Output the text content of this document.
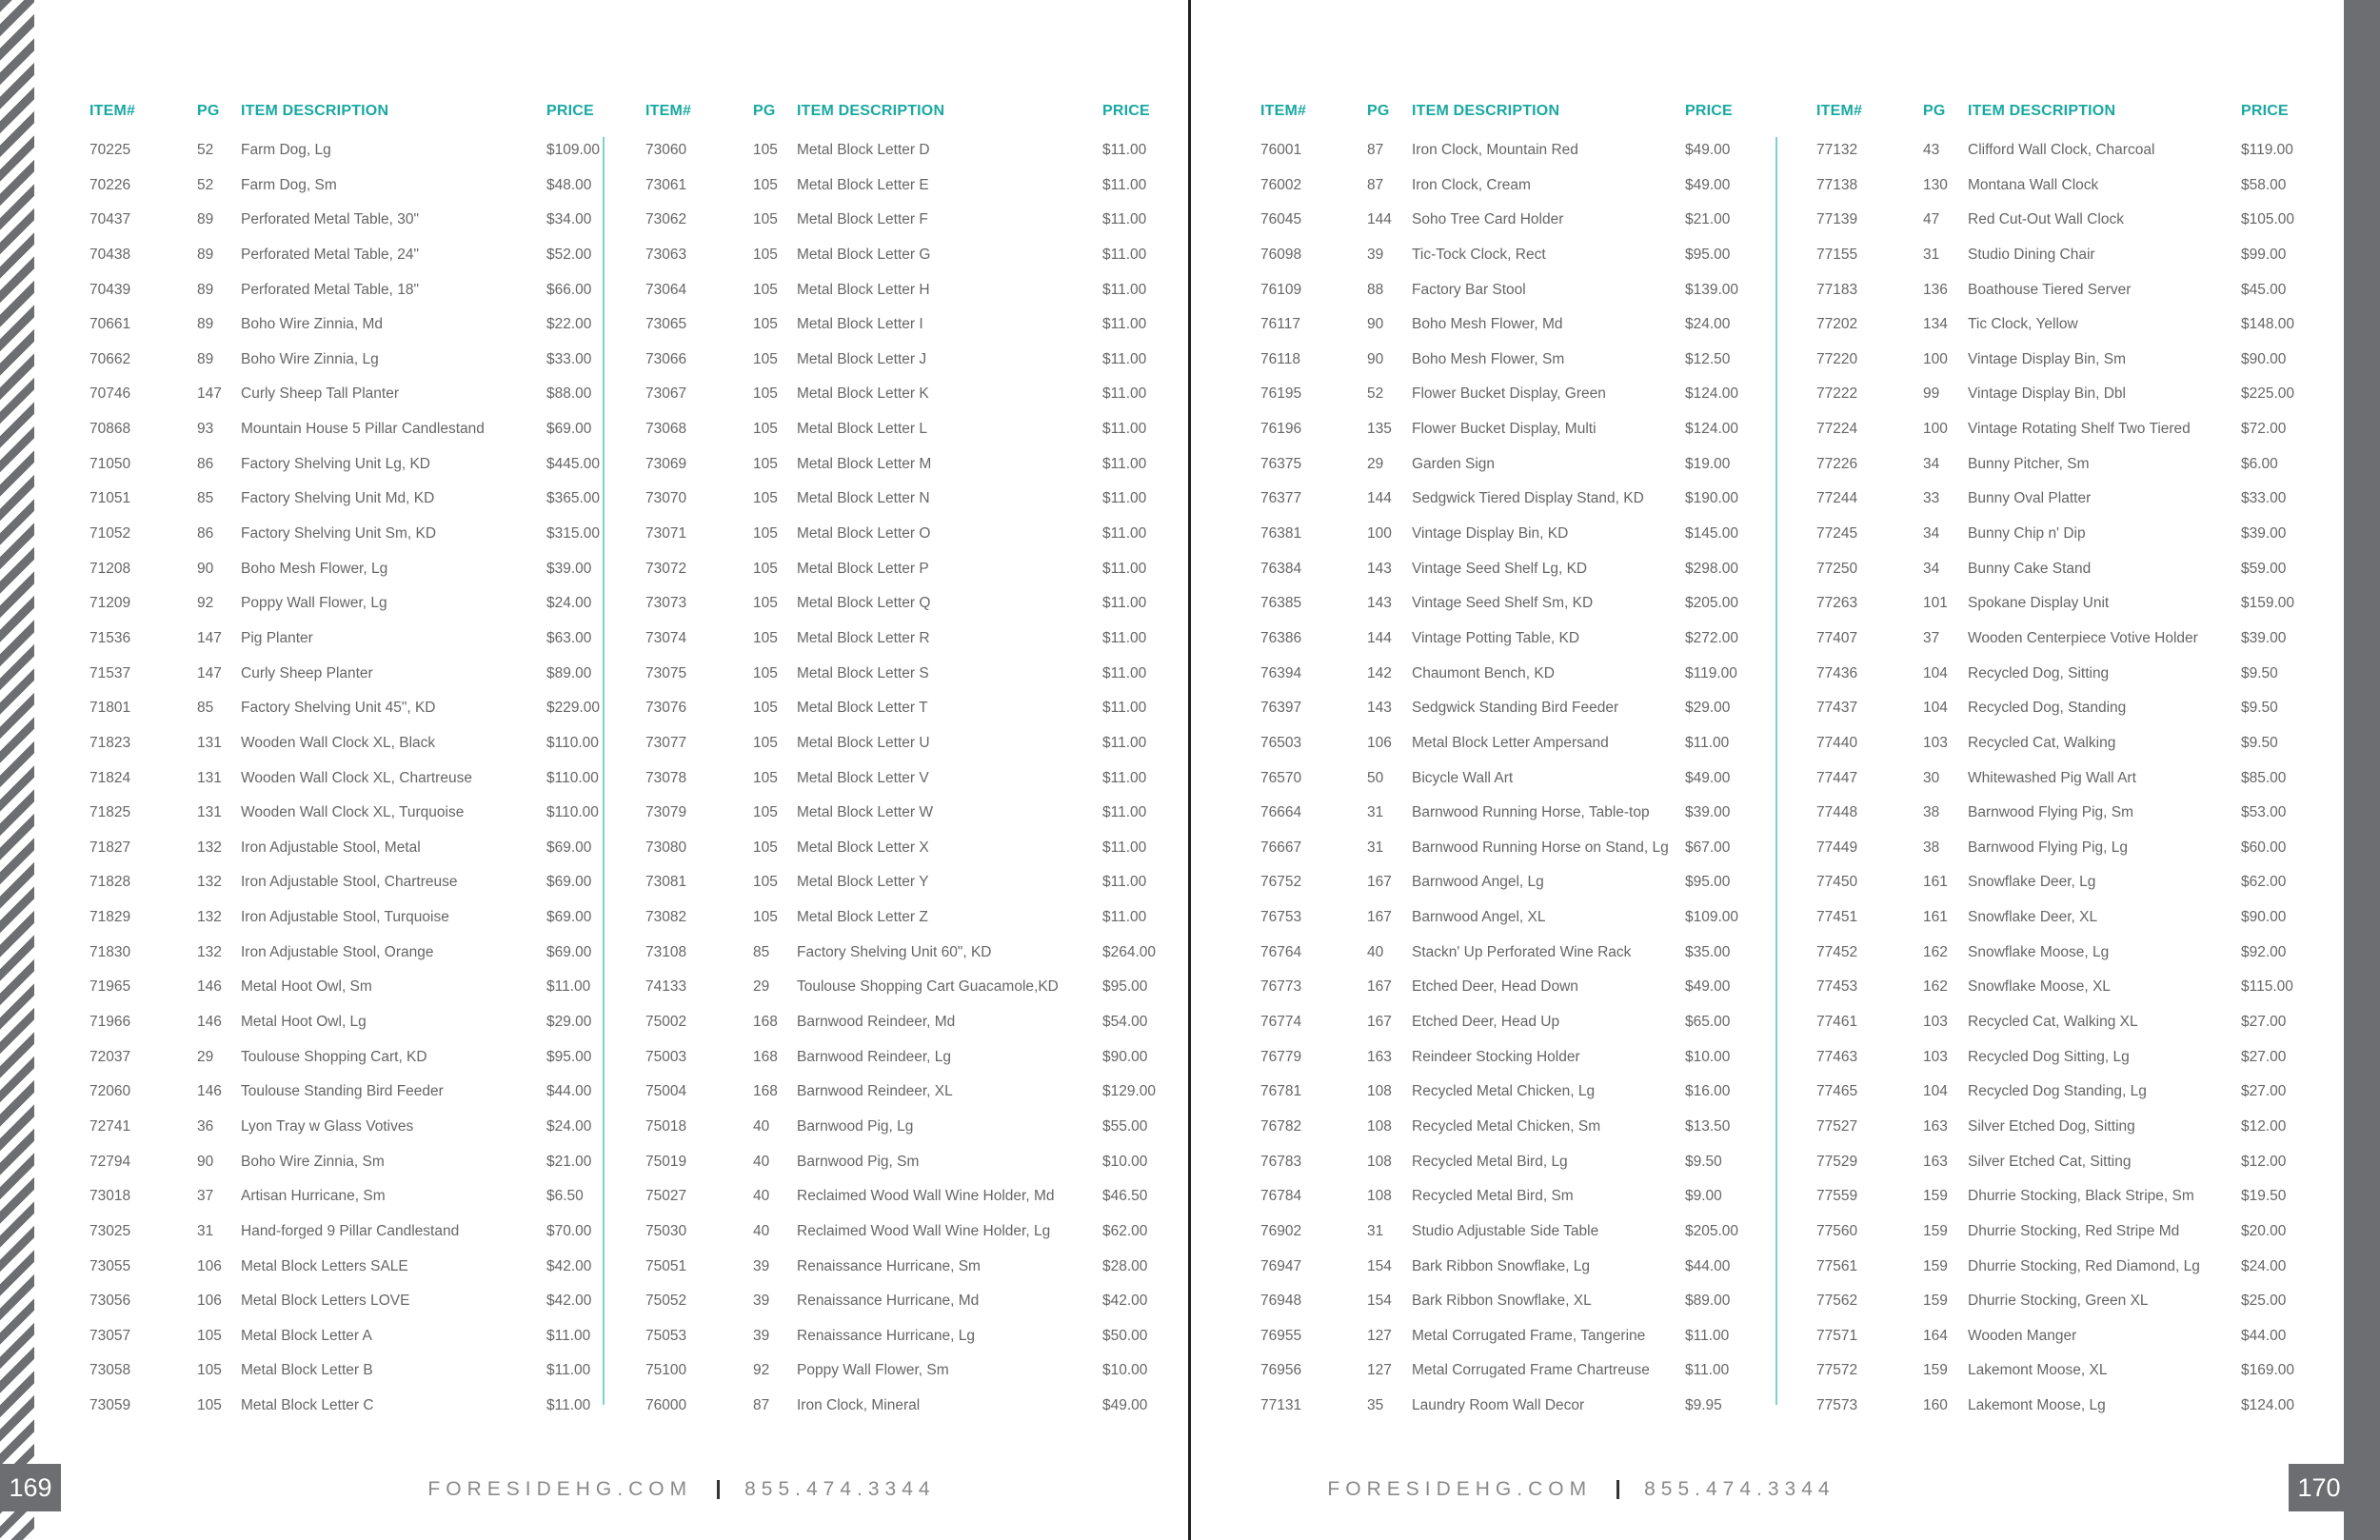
ITEM#	PG ITEM DESCRIPTION	PRICE
70225	52 Farm Dog, Lg	$109.00
70226	52 Farm Dog, Sm	$48.00
70437	89 Perforated Metal Table, 30"	$34.00
70438	89 Perforated Metal Table, 24"	$52.00
70439	89 Perforated Metal Table, 18"	$66.00
70661	89 Boho Wire Zinnia, Md	$22.00
70662	89 Boho Wire Zinnia, Lg	$33.00
70746	147 Curly Sheep Tall Planter	$88.00
70868	93 Mountain House 5 Pillar Candlestand	$69.00
71050	86 Factory Shelving Unit Lg, KD	$445.00
71051	85 Factory Shelving Unit Md, KD	$365.00
71052	86 Factory Shelving Unit Sm, KD	$315.00
71208	90 Boho Mesh Flower, Lg	$39.00
71209	92 Poppy Wall Flower, Lg	$24.00
71536	147 Pig Planter	$63.00
71537	147 Curly Sheep Planter	$89.00
71801	85 Factory Shelving Unit 45", KD	$229.00
71823	131 Wooden Wall Clock XL, Black	$110.00
71824	131 Wooden Wall Clock XL, Chartreuse	$110.00
71825	131 Wooden Wall Clock XL, Turquoise	$110.00
71827	132 Iron Adjustable Stool, Metal	$69.00
71828	132 Iron Adjustable Stool, Chartreuse	$69.00
71829	132 Iron Adjustable Stool, Turquoise	$69.00
71830	132 Iron Adjustable Stool, Orange	$69.00
71965	146 Metal Hoot Owl, Sm	$11.00
71966	146 Metal Hoot Owl, Lg	$29.00
72037	29 Toulouse Shopping Cart, KD	$95.00
72060	146 Toulouse Standing Bird Feeder	$44.00
72741	36 Lyon Tray w Glass Votives	$24.00
72794	90 Boho Wire Zinnia, Sm	$21.00
73018	37 Artisan Hurricane, Sm	$6.50
73025	31 Hand-forged 9 Pillar Candlestand	$70.00
73055	106 Metal Block Letters SALE	$42.00
73056	106 Metal Block Letters LOVE	$42.00
73057	105 Metal Block Letter A	$11.00
73058	105 Metal Block Letter B	$11.00
73059	105 Metal Block Letter C	$11.00
ITEM#	PG ITEM DESCRIPTION	PRICE
73060	105 Metal Block Letter D	$11.00
73061	105 Metal Block Letter E	$11.00
73062	105 Metal Block Letter F	$11.00
73063	105 Metal Block Letter G	$11.00
73064	105 Metal Block Letter H	$11.00
73065	105 Metal Block Letter I	$11.00
73066	105 Metal Block Letter J	$11.00
73067	105 Metal Block Letter K	$11.00
73068	105 Metal Block Letter L	$11.00
73069	105 Metal Block Letter M	$11.00
73070	105 Metal Block Letter N	$11.00
73071	105 Metal Block Letter O	$11.00
73072	105 Metal Block Letter P	$11.00
73073	105 Metal Block Letter Q	$11.00
73074	105 Metal Block Letter R	$11.00
73075	105 Metal Block Letter S	$11.00
73076	105 Metal Block Letter T	$11.00
73077	105 Metal Block Letter U	$11.00
73078	105 Metal Block Letter V	$11.00
73079	105 Metal Block Letter W	$11.00
73080	105 Metal Block Letter X	$11.00
73081	105 Metal Block Letter Y	$11.00
73082	105 Metal Block Letter Z	$11.00
73108	85 Factory Shelving Unit 60", KD	$264.00
74133	29 Toulouse Shopping Cart Guacamole,KD	$95.00
75002	168 Barnwood Reindeer, Md	$54.00
75003	168 Barnwood Reindeer, Lg	$90.00
75004	168 Barnwood Reindeer, XL	$129.00
75018	40 Barnwood Pig, Lg	$55.00
75019	40 Barnwood Pig, Sm	$10.00
75027	40 Reclaimed Wood Wall Wine Holder, Md	$46.50
75030	40 Reclaimed Wood Wall Wine Holder, Lg	$62.00
75051	39 Renaissance Hurricane, Sm	$28.00
75052	39 Renaissance Hurricane, Md	$42.00
75053	39 Renaissance Hurricane, Lg	$50.00
75100	92 Poppy Wall Flower, Sm	$10.00
76000	87 Iron Clock, Mineral	$49.00
169	FORESIDEHG.COM	855.474.3344
ITEM#	PG ITEM DESCRIPTION	PRICE
76001	87 Iron Clock, Mountain Red	$49.00
76002	87 Iron Clock, Cream	$49.00
76045	144 Soho Tree Card Holder	$21.00
76098	39 Tic-Tock Clock, Rect	$95.00
76109	88 Factory Bar Stool	$139.00
76117	90 Boho Mesh Flower, Md	$24.00
76118	90 Boho Mesh Flower, Sm	$12.50
76195	52 Flower Bucket Display, Green	$124.00
76196	135 Flower Bucket Display, Multi	$124.00
76375	29 Garden Sign	$19.00
76377	144 Sedgwick Tiered Display Stand, KD	$190.00
76381	100 Vintage Display Bin, KD	$145.00
76384	143 Vintage Seed Shelf Lg, KD	$298.00
76385	143 Vintage Seed Shelf Sm, KD	$205.00
76386	144 Vintage Potting Table, KD	$272.00
76394	142 Chaumont Bench, KD	$119.00
76397	143 Sedgwick Standing Bird Feeder	$29.00
76503	106 Metal Block Letter Ampersand	$11.00
76570	50 Bicycle Wall Art	$49.00
76664	31 Barnwood Running Horse, Table-top $39.00
76667	31 Barnwood Running Horse on Stand, Lg $67.00
76752	167 Barnwood Angel, Lg	$95.00
76753	167 Barnwood Angel, XL	$109.00
76764	40 Stackn' Up Perforated Wine Rack	$35.00
76773	167 Etched Deer, Head Down	$49.00
76774	167 Etched Deer, Head Up	$65.00
76779	163 Reindeer Stocking Holder	$10.00
76781	108 Recycled Metal Chicken, Lg	$16.00
76782	108 Recycled Metal Chicken, Sm	$13.50
76783	108 Recycled Metal Bird, Lg	$9.50
76784	108 Recycled Metal Bird, Sm	$9.00
76902	31 Studio Adjustable Side Table	$205.00
76947	154 Bark Ribbon Snowflake, Lg	$44.00
76948	154 Bark Ribbon Snowflake, XL	$89.00
76955	127 Metal Corrugated Frame, Tangerine	$11.00
76956	127 Metal Corrugated Frame Chartreuse $11.00
77131	35 Laundry Room Wall Decor	$9.95
ITEM#	PG ITEM DESCRIPTION	PRICE
77132	43 Clifford Wall Clock, Charcoal	$119.00
77138	130 Montana Wall Clock	$58.00
77139	47 Red Cut-Out Wall Clock	$105.00
77155	31 Studio Dining Chair	$99.00
77183	136 Boathouse Tiered Server	$45.00
77202	134 Tic Clock, Yellow	$148.00
77220	100 Vintage Display Bin, Sm	$90.00
77222	99 Vintage Display Bin, Dbl	$225.00
77224	100 Vintage Rotating Shelf Two Tiered	$72.00
77226	34 Bunny Pitcher, Sm	$6.00
77244	33 Bunny Oval Platter	$33.00
77245	34 Bunny Chip n' Dip	$39.00
77250	34 Bunny Cake Stand	$59.00
77263	101 Spokane Display Unit	$159.00
77407	37 Wooden Centerpiece Votive Holder	$39.00
77436	104 Recycled Dog, Sitting	$9.50
77437	104 Recycled Dog, Standing	$9.50
77440	103 Recycled Cat, Walking	$9.50
77447	30 Whitewashed Pig Wall Art	$85.00
77448	38 Barnwood Flying Pig, Sm	$53.00
77449	38 Barnwood Flying Pig, Lg	$60.00
77450	161 Snowflake Deer, Lg	$62.00
77451	161 Snowflake Deer, XL	$90.00
77452	162 Snowflake Moose, Lg	$92.00
77453	162 Snowflake Moose, XL	$115.00
77461	103 Recycled Cat, Walking XL	$27.00
77463	103 Recycled Dog Sitting, Lg	$27.00
77465	104 Recycled Dog Standing, Lg	$27.00
77527	163 Silver Etched Dog, Sitting	$12.00
77529	163 Silver Etched Cat, Sitting	$12.00
77559	159 Dhurrie Stocking, Black Stripe, Sm	$19.50
77560	159 Dhurrie Stocking, Red Stripe Md	$20.00
77561	159 Dhurrie Stocking, Red Diamond, Lg	$24.00
77562	159 Dhurrie Stocking, Green XL	$25.00
77571	164 Wooden Manger	$44.00
77572	159 Lakemont Moose, XL	$169.00
77573	160 Lakemont Moose, Lg	$124.00
170
FORESIDEHG.COM	855.474.3344
